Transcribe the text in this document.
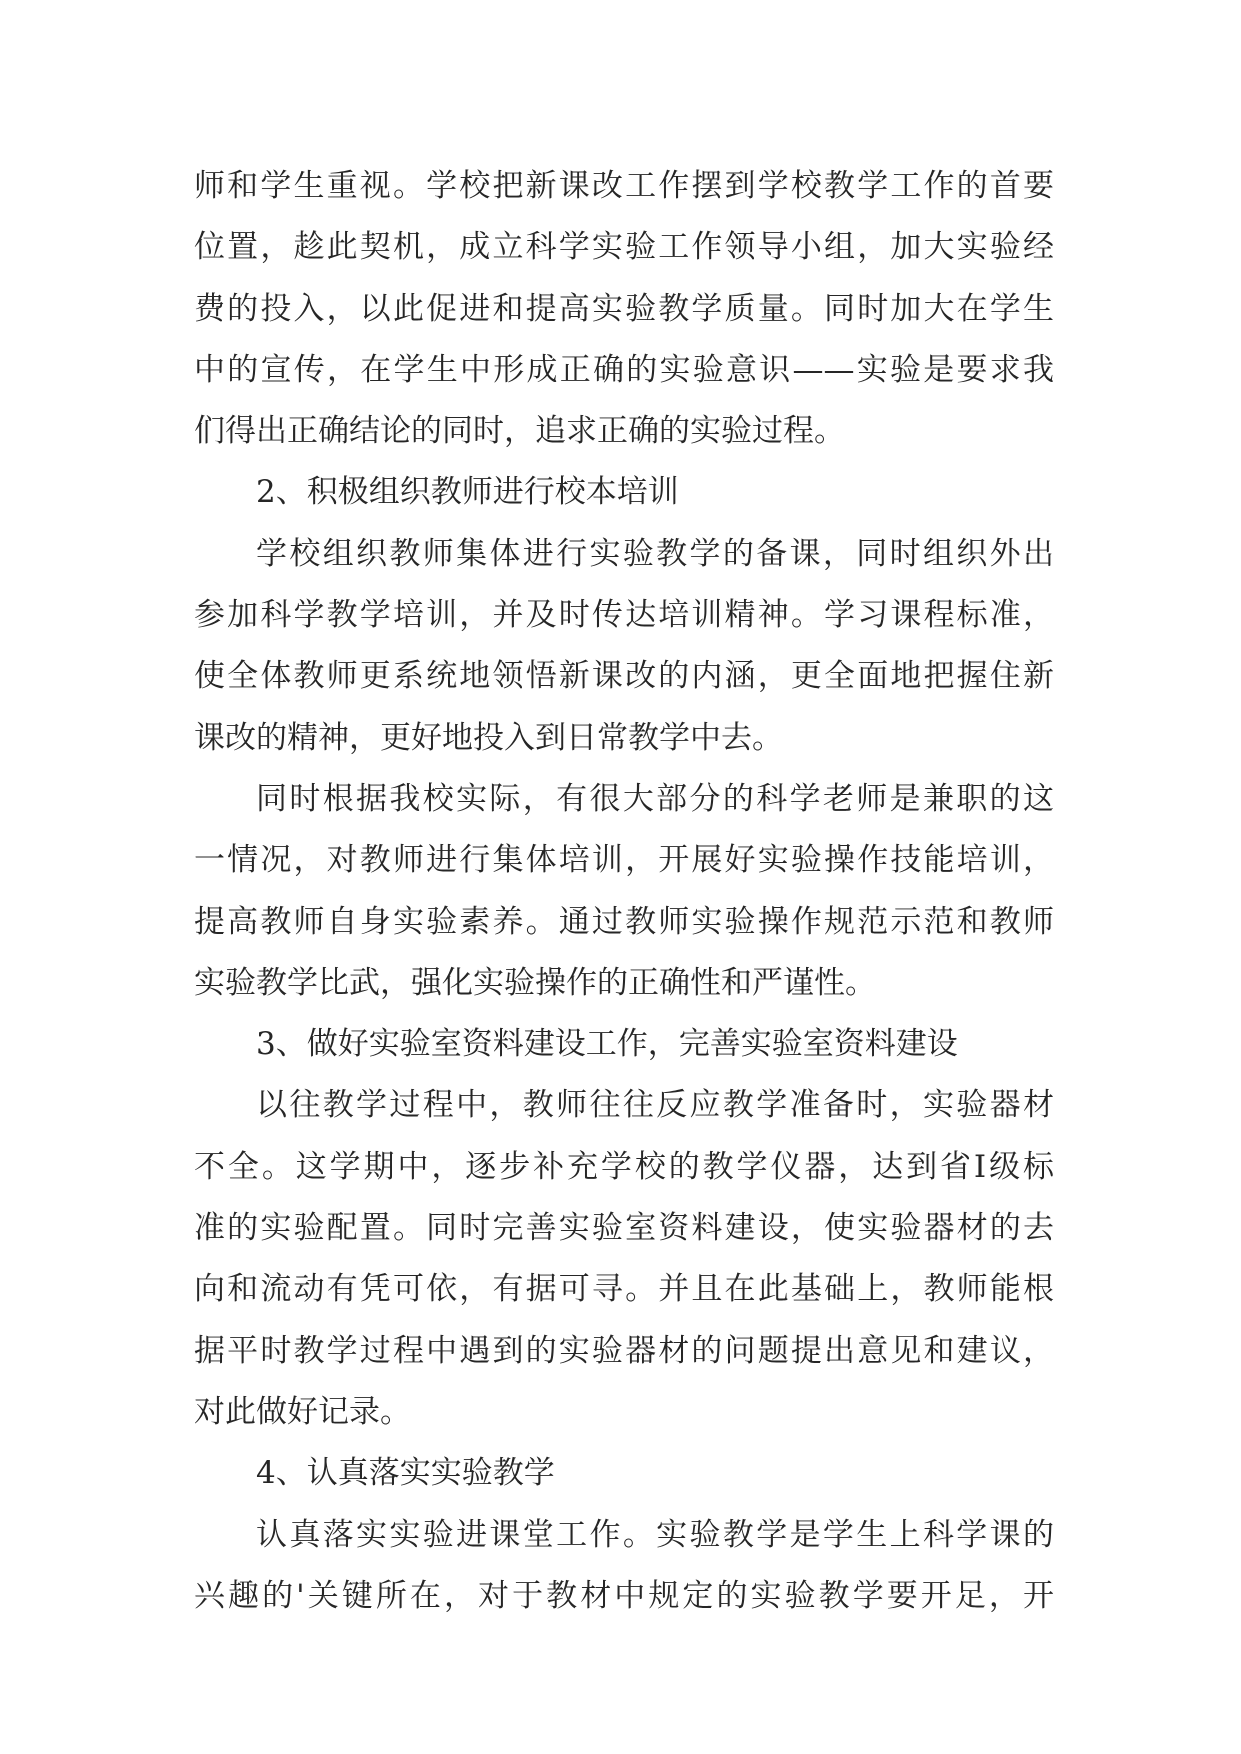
师和学生重视。学校把新课改工作摆到学校教学工作的首要
位置，趁此契机，成立科学实验工作领导小组，加大实验经
费的投入，以此促进和提高实验教学质量。同时加大在学生
中的宣传，在学生中形成正确的实验意识——实验是要求我
们得出正确结论的同时，追求正确的实验过程。
2、积极组织教师进行校本培训
学校组织教师集体进行实验教学的备课，同时组织外出
参加科学教学培训，并及时传达培训精神。学习课程标准，
使全体教师更系统地领悟新课改的内涵，更全面地把握住新
课改的精神，更好地投入到日常教学中去。
同时根据我校实际，有很大部分的科学老师是兼职的这
一情况，对教师进行集体培训，开展好实验操作技能培训，
提高教师自身实验素养。通过教师实验操作规范示范和教师
实验教学比武，强化实验操作的正确性和严谨性。
3、做好实验室资料建设工作，完善实验室资料建设
以往教学过程中，教师往往反应教学准备时，实验器材
不全。这学期中，逐步补充学校的教学仪器，达到省Ⅰ级标
准的实验配置。同时完善实验室资料建设，使实验器材的去
向和流动有凭可依，有据可寻。并且在此基础上，教师能根
据平时教学过程中遇到的实验器材的问题提出意见和建议，
对此做好记录。
4、认真落实实验教学
认真落实实验进课堂工作。实验教学是学生上科学课的
兴趣的'关键所在，对于教材中规定的实验教学要开足，开
